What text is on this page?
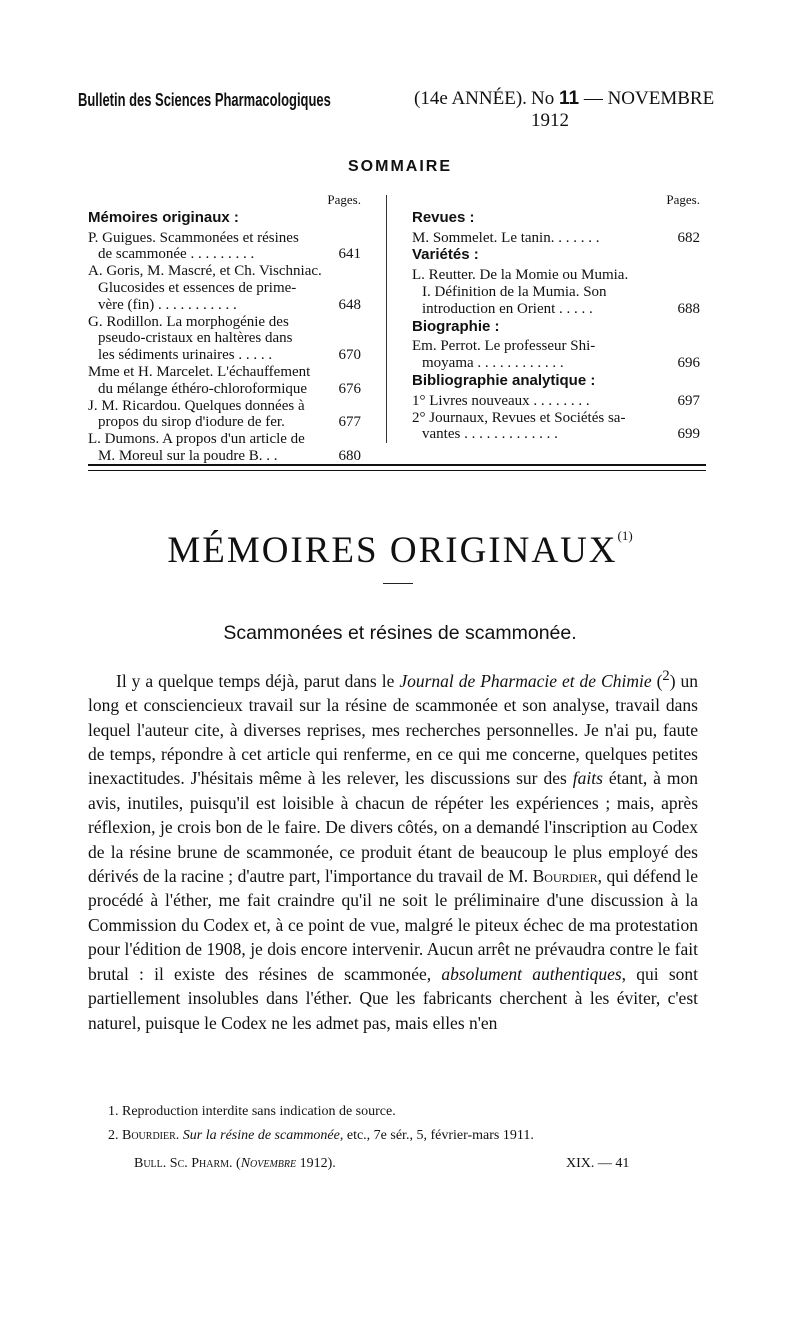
Bulletin des Sciences Pharmacologiques	(14e ANNÉE). No 11 — NOVEMBRE 1912
SOMMAIRE
Pages.
Mémoires originaux :
P. Guigues. Scammonées et résines
de scammonée . . . . . . . . .	641
A. Goris, M. Mascré, et Ch. Vischniac.
Glucosides et essences de prime-
vère (fin) . . . . . . . . . . .	648
G. Rodillon. La morphogénie des
pseudo-cristaux en haltères dans
les sédiments urinaires . . . . .	670
Mme et H. Marcelet. L'échauffement
du mélange éthéro-chloroformique	676
J. M. Ricardou. Quelques données à
propos du sirop d'iodure de fer.	677
L. Dumons. A propos d'un article de
M. Moreul sur la poudre B. . .	680
Pages.
Revues :
M. Sommelet. Le tanin. . . . . . .	682
Variétés :
L. Reutter. De la Momie ou Mumia.
I. Définition de la Mumia. Son
introduction en Orient . . . . .	688
Biographie :
Em. Perrot. Le professeur Shi-
moyama . . . . . . . . . . . .	696
Bibliographie analytique :
1° Livres nouveaux . . . . . . . .	697
2° Journaux, Revues et Sociétés sa-
vantes . . . . . . . . . . . . .	699
MÉMOIRES ORIGINAUX$^{(1)}$
Scammonées et résines de scammonée.

Il y a quelque temps déjà, parut dans le Journal de Pharmacie et de Chimie ($^2$) un long et consciencieux travail sur la résine de scammonée et son analyse, travail dans lequel l'auteur cite, à diverses reprises, mes recherches personnelles. Je n'ai pu, faute de temps, répondre à cet article qui renferme, en ce qui me concerne, quelques petites inexactitudes. J'hésitais même à les relever, les discussions sur des faits étant, à mon avis, inutiles, puisqu'il est loisible à chacun de répéter les expériences ; mais, après réflexion, je crois bon de le faire. De divers côtés, on a demandé l'inscription au Codex de la résine brune de scammonée, ce produit étant de beaucoup le plus employé des dérivés de la racine ; d'autre part, l'importance du travail de M. Bourdier, qui défend le procédé à l'éther, me fait craindre qu'il ne soit le préliminaire d'une discussion à la Commission du Codex et, à ce point de vue, malgré le piteux échec de ma protestation pour l'édition de 1908, je dois encore intervenir. Aucun arrêt ne prévaudra contre le fait brutal : il existe des résines de scammonée, absolument authentiques, qui sont partiellement insolubles dans l'éther. Que les fabricants cherchent à les éviter, c'est naturel, puisque le Codex ne les admet pas, mais elles n'en

1. Reproduction interdite sans indication de source.
2. Bourdier. Sur la résine de scammonée, etc., 7e sér., 5, février-mars 1911.
Bull. Sc. Pharm. (Novembre 1912).	XIX. — 41
